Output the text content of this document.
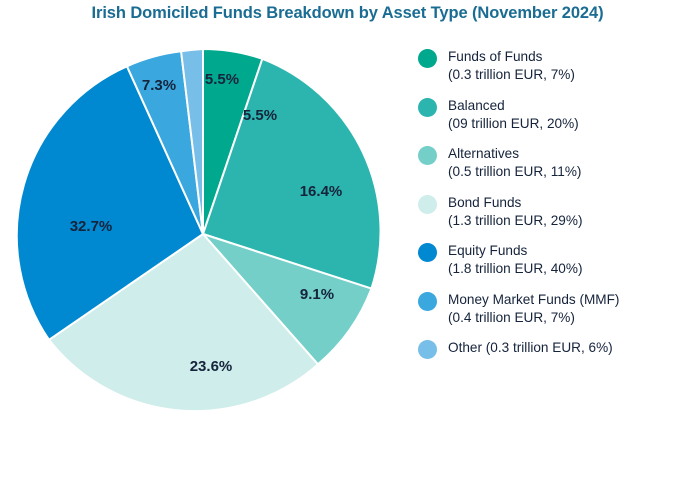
Irish Domiciled Funds Breakdown by Asset Type (November 2024)
5.5%
16.4%
9.1%
23.6%
32.7%
7.3% 5.5%
Funds of Funds
(0.3 trillion EUR, 7%)
Balanced
(09 trillion EUR, 20%)
Alternatives
(0.5 trillion EUR, 11%)
Bond Funds
(1.3 trillion EUR, 29%)
Equity Funds
(1.8 trillion EUR, 40%)
Money Market Funds (MMF)
(0.4 trillion EUR, 7%)
Other (0.3 trillion EUR, 6%)
